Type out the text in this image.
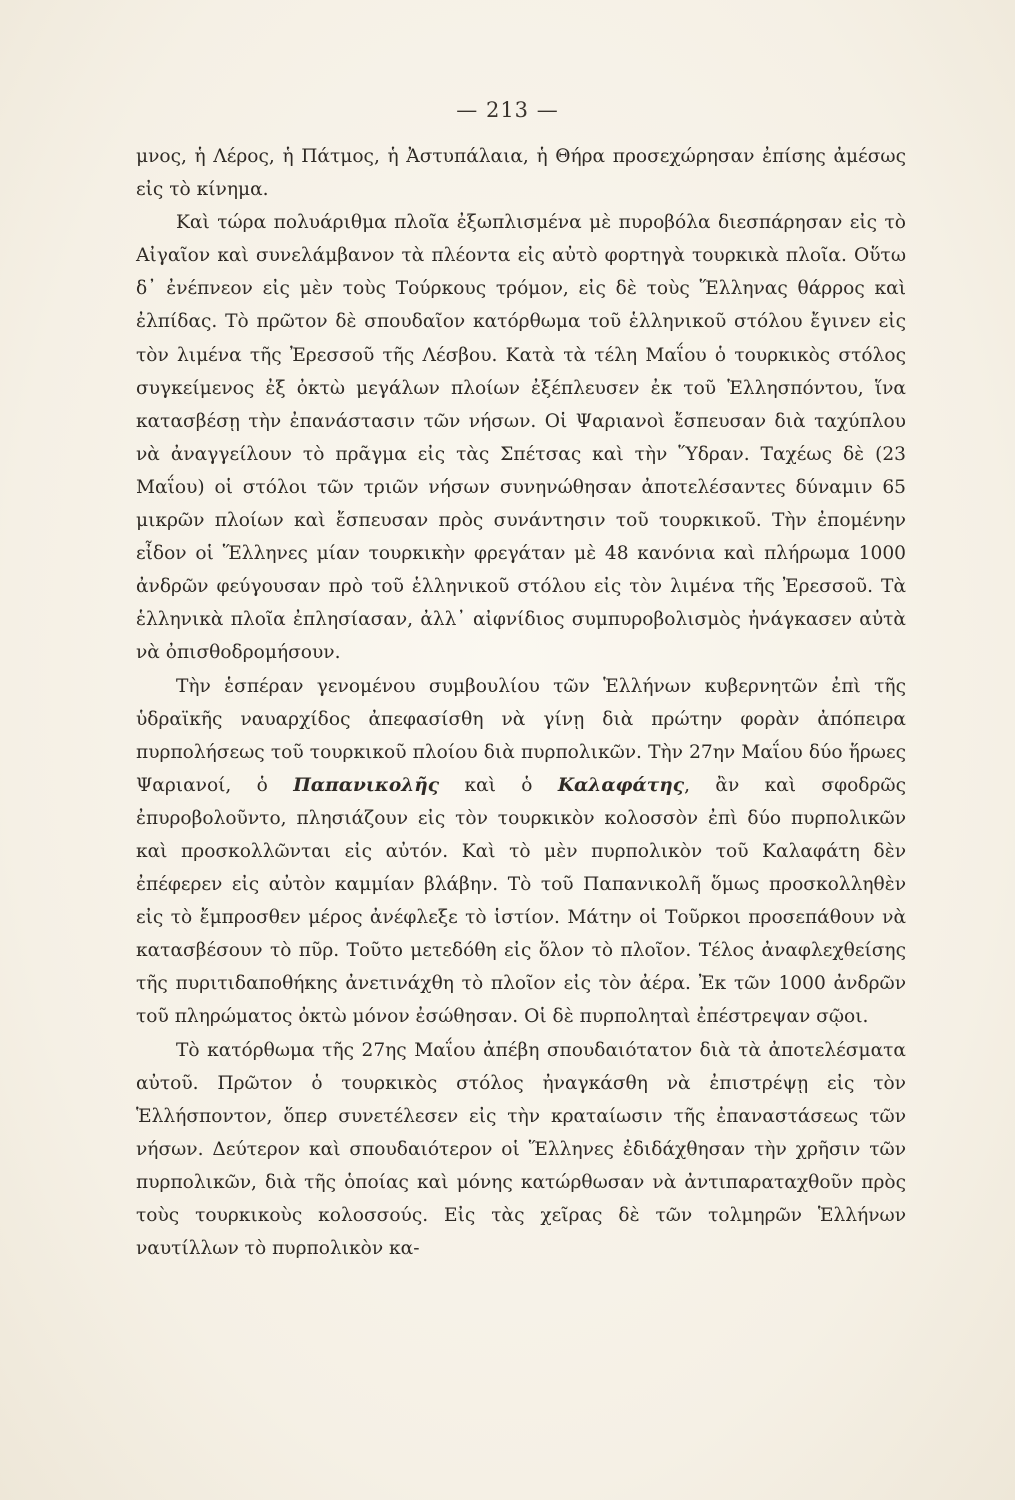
— 213 —

μνος, ἡ Λέρος, ἡ Πάτμος, ἡ Ἀστυπάλαια, ἡ Θήρα προσεχώρησαν ἐπίσης ἀμέσως εἰς τὸ κίνημα.

Καὶ τώρα πολυάριθμα πλοῖα ἐξωπλισμένα μὲ πυροβόλα διεσπάρησαν εἰς τὸ Αἰγαῖον καὶ συνελάμβανον τὰ πλέοντα εἰς αὐτὸ φορτηγὰ τουρκικὰ πλοῖα. Οὕτω δ᾽ ἐνέπνεον εἰς μὲν τοὺς Τούρκους τρόμον, εἰς δὲ τοὺς Ἕλληνας θάρρος καὶ ἐλπίδας. Τὸ πρῶτον δὲ σπουδαῖον κατόρθωμα τοῦ ἑλληνικοῦ στόλου ἔγινεν εἰς τὸν λιμένα τῆς Ἐρεσσοῦ τῆς Λέσβου. Κατὰ τὰ τέλη Μαΐου ὁ τουρκικὸς στόλος συγκείμενος ἐξ ὀκτὼ μεγάλων πλοίων ἐξέπλευσεν ἐκ τοῦ Ἑλλησπόντου, ἵνα κατασβέσῃ τὴν ἐπανάστασιν τῶν νήσων. Οἱ Ψαριανοὶ ἔσπευσαν διὰ ταχύπλου νὰ ἀναγγείλουν τὸ πρᾶγμα εἰς τὰς Σπέτσας καὶ τὴν Ὕδραν. Ταχέως δὲ (23 Μαΐου) οἱ στόλοι τῶν τριῶν νήσων συνηνώθησαν ἀποτελέσαντες δύναμιν 65 μικρῶν πλοίων καὶ ἔσπευσαν πρὸς συνάντησιν τοῦ τουρκικοῦ. Τὴν ἐπομένην εἶδον οἱ Ἕλληνες μίαν τουρκικὴν φρεγάταν μὲ 48 κανόνια καὶ πλήρωμα 1000 ἀνδρῶν φεύγουσαν πρὸ τοῦ ἑλληνικοῦ στόλου εἰς τὸν λιμένα τῆς Ἐρεσσοῦ. Τὰ ἑλληνικὰ πλοῖα ἐπλησίασαν, ἀλλ᾽ αἰφνίδιος συμπυροβολισμὸς ἠνάγκασεν αὐτὰ νὰ ὀπισθοδρομήσουν.

Τὴν ἑσπέραν γενομένου συμβουλίου τῶν Ἑλλήνων κυβερνητῶν ἐπὶ τῆς ὑδραϊκῆς ναυαρχίδος ἀπεφασίσθη νὰ γίνῃ διὰ πρώτην φορὰν ἀπόπειρα πυρπολήσεως τοῦ τουρκικοῦ πλοίου διὰ πυρπολικῶν. Τὴν 27ην Μαΐου δύο ἥρωες Ψαριανοί, ὁ Παπανικολῆς καὶ ὁ Καλαφάτης, ἂν καὶ σφοδρῶς ἐπυροβολοῦντο, πλησιάζουν εἰς τὸν τουρκικὸν κολοσσὸν ἐπὶ δύο πυρπολικῶν καὶ προσκολλῶνται εἰς αὐτόν. Καὶ τὸ μὲν πυρπολικὸν τοῦ Καλαφάτη δὲν ἐπέφερεν εἰς αὐτὸν καμμίαν βλάβην. Τὸ τοῦ Παπανικολῆ ὅμως προσκολληθὲν εἰς τὸ ἔμπροσθεν μέρος ἀνέφλεξε τὸ ἱστίον. Μάτην οἱ Τοῦρκοι προσεπάθουν νὰ κατασβέσουν τὸ πῦρ. Τοῦτο μετεδόθη εἰς ὅλον τὸ πλοῖον. Τέλος ἀναφλεχθείσης τῆς πυριτιδαποθήκης ἀνετινάχθη τὸ πλοῖον εἰς τὸν ἀέρα. Ἐκ τῶν 1000 ἀνδρῶν τοῦ πληρώματος ὀκτὼ μόνον ἐσώθησαν. Οἱ δὲ πυρποληταὶ ἐπέστρεψαν σῷοι.

Τὸ κατόρθωμα τῆς 27ης Μαΐου ἀπέβη σπουδαιότατον διὰ τὰ ἀποτελέσματα αὐτοῦ. Πρῶτον ὁ τουρκικὸς στόλος ἠναγκάσθη νὰ ἐπιστρέψῃ εἰς τὸν Ἑλλήσποντον, ὅπερ συνετέλεσεν εἰς τὴν κραταίωσιν τῆς ἐπαναστάσεως τῶν νήσων. Δεύτερον καὶ σπουδαιότερον οἱ Ἕλληνες ἐδιδάχθησαν τὴν χρῆσιν τῶν πυρπολικῶν, διὰ τῆς ὁποίας καὶ μόνης κατώρθωσαν νὰ ἀντιπαραταχθοῦν πρὸς τοὺς τουρκικοὺς κολοσσούς. Εἰς τὰς χεῖρας δὲ τῶν τολμηρῶν Ἑλλήνων ναυτίλλων τὸ πυρπολικὸν κα-
